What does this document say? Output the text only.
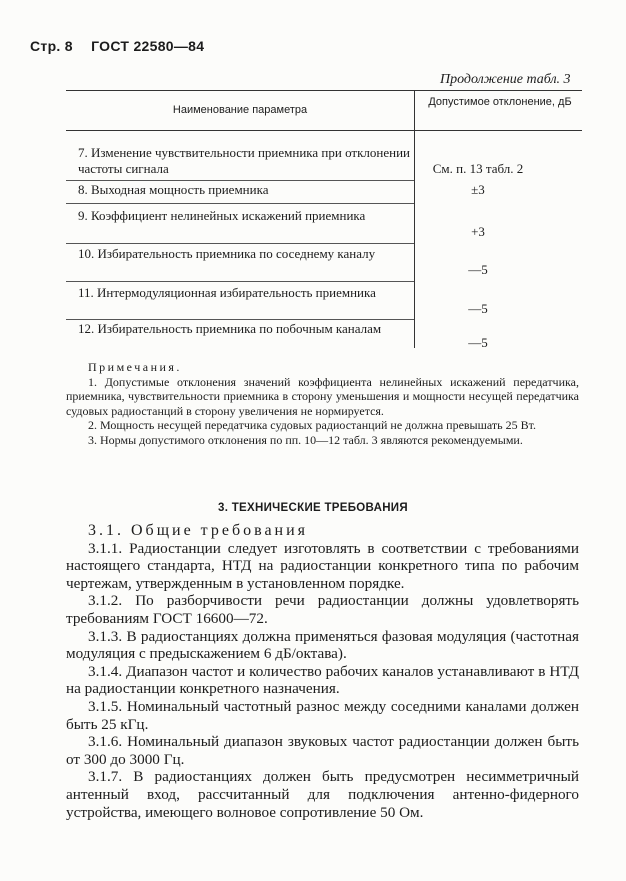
Стр. 8 ГОСТ 22580—84
Продолжение табл. 3
Наименование параметра
Допустимое отклонение, дБ
7. Изменение чувствительности приемника при отклонении частоты сигнала	См. п. 13 табл. 2
8. Выходная мощность приемника	±3
9. Коэффициент нелинейных искажений приемника
+3
10. Избирательность приемника по соседнему каналу
—5
11. Интермодуляционная избирательность приемника
—5
12. Избирательность приемника по побочным каналам
—5
Примечания.

1. Допустимые отклонения значений коэффициента нелинейных искажений передатчика, приемника, чувствительности приемника в сторону уменьшения и мощности несущей передатчика судовых радиостанций в сторону увеличения не нормируется.

2. Мощность несущей передатчика судовых радиостанций не должна превышать 25 Вт.

3. Нормы допустимого отклонения по пп. 10—12 табл. 3 являются рекомендуемыми.

3. ТЕХНИЧЕСКИЕ ТРЕБОВАНИЯ

3.1. Общие требования

3.1.1. Радиостанции следует изготовлять в соответствии с требованиями настоящего стандарта, НТД на радиостанции конкретного типа по рабочим чертежам, утвержденным в установленном порядке.

3.1.2. По разборчивости речи радиостанции должны удовлетворять требованиям ГОСТ 16600—72.

3.1.3. В радиостанциях должна применяться фазовая модуляция (частотная модуляция с предыскажением 6 дБ/октава).

3.1.4. Диапазон частот и количество рабочих каналов устанавливают в НТД на радиостанции конкретного назначения.

3.1.5. Номинальный частотный разнос между соседними каналами должен быть 25 кГц.

3.1.6. Номинальный диапазон звуковых частот радиостанции должен быть от 300 до 3000 Гц.

3.1.7. В радиостанциях должен быть предусмотрен несимметричный антенный вход, рассчитанный для подключения антенно-фидерного устройства, имеющего волновое сопротивление 50 Ом.
